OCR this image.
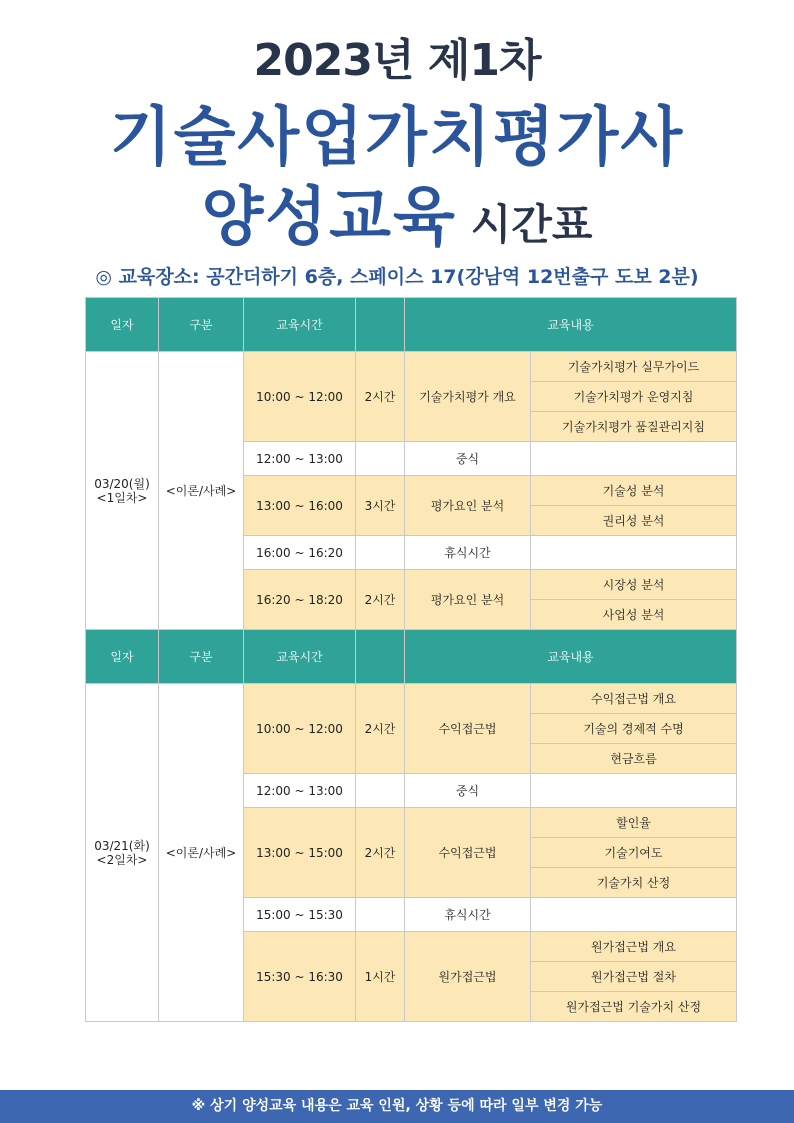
2023년 제1차
기술사업가치평가사
양성교육 시간표
◎ 교육장소: 공간더하기 6층, 스페이스 17(강남역 12번출구 도보 2분)
일자	구분	교육시간		교육내용	

03/20(월)
<1일차>	<이론/사례>	10:00 ~ 12:00	2시간	기술가치평가 개요	기술가치평가 실무가이드
					기술가치평가 운영지침
					기술가치평가 품질관리지침
		12:00 ~ 13:00		중식	
		13:00 ~ 16:00	3시간	평가요인 분석	기술성 분석
					권리성 분석
		16:00 ~ 16:20		휴식시간	
		16:20 ~ 18:20	2시간	평가요인 분석	시장성 분석
					사업성 분석
일자	구분	교육시간		교육내용	

03/21(화)
<2일차>	<이론/사례>	10:00 ~ 12:00	2시간	수익접근법	수익접근법 개요
					기술의 경제적 수명
					현금흐름
		12:00 ~ 13:00		중식	
		13:00 ~ 15:00	2시간	수익접근법	할인율
					기술기여도
					기술가치 산정
		15:00 ~ 15:30		휴식시간	
		15:30 ~ 16:30	1시간	원가접근법	원가접근법 개요
					원가접근법 절차
					원가접근법 기술가치 산정
※ 상기 양성교육 내용은 교육 인원, 상황 등에 따라 일부 변경 가능
